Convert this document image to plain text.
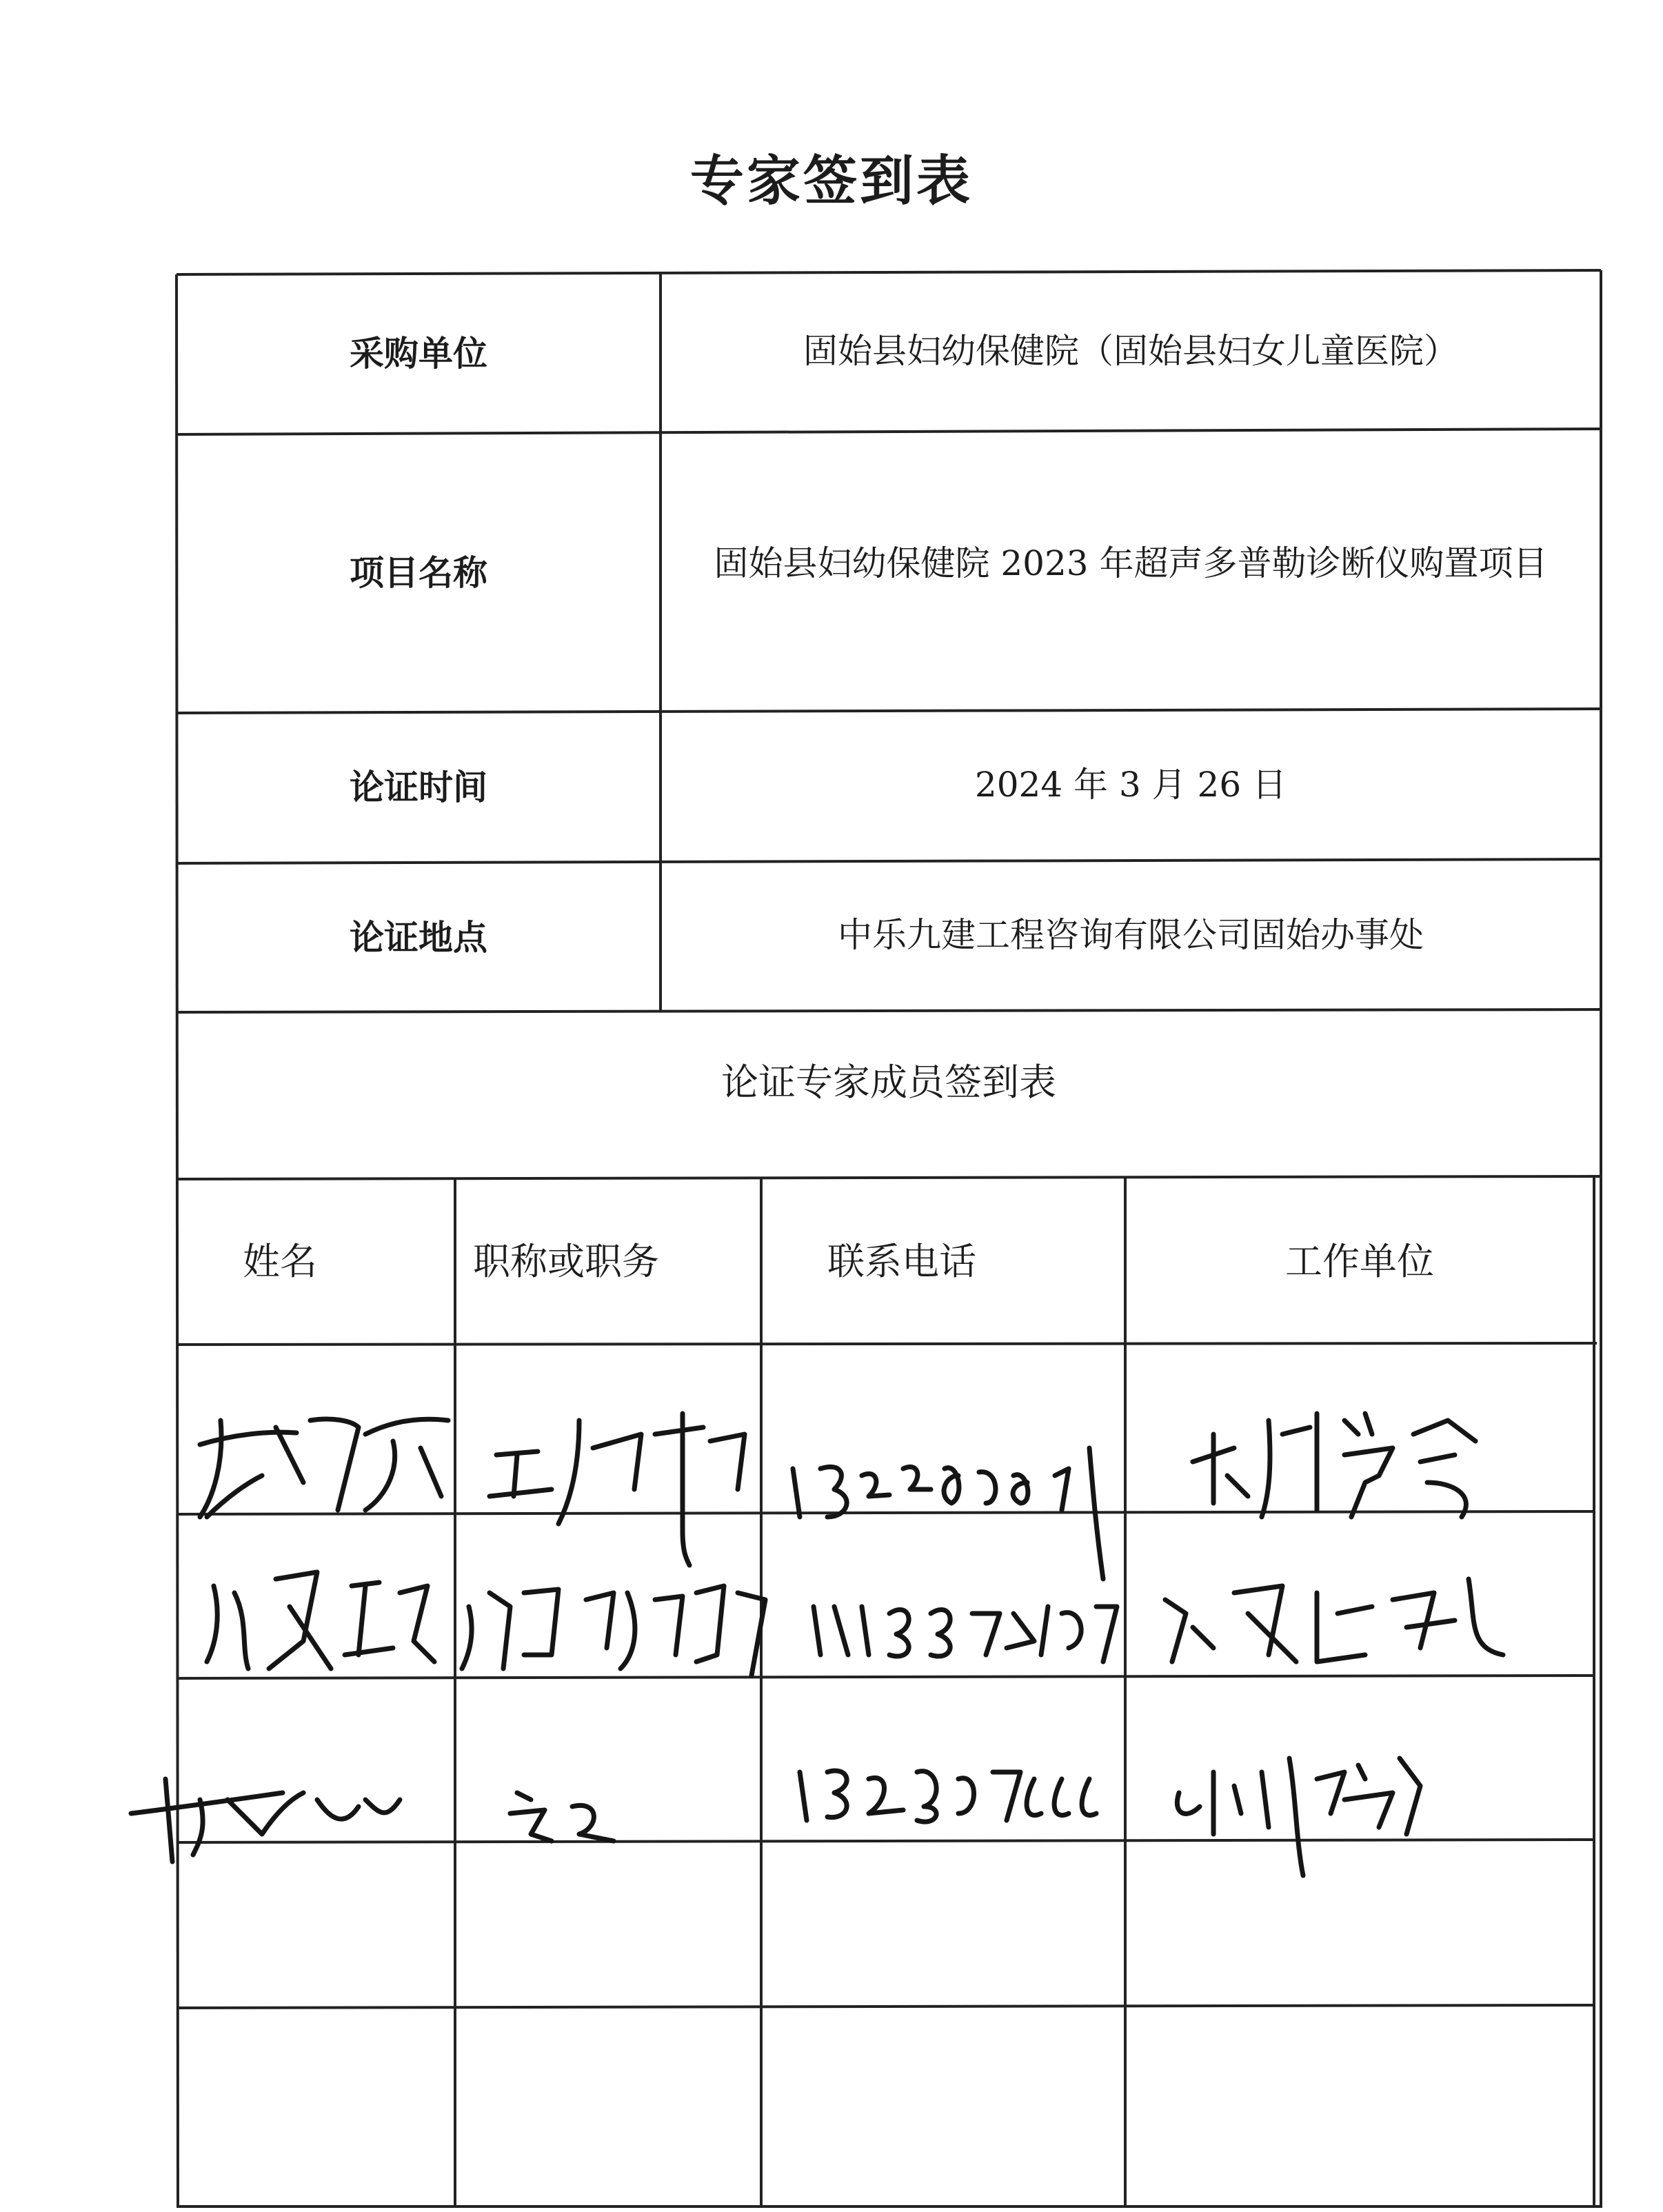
专家签到表
采购单位	固始县妇幼保健院（固始县妇女儿童医院）
项目名称	固始县妇幼保健院 2023 年超声多普勒诊断仪购置项目
论证时间	2024 年 3 月 26 日
论证地点	中乐九建工程咨询有限公司固始办事处
论证专家成员签到表
姓名	职称或职务	联系电话	工作单位
